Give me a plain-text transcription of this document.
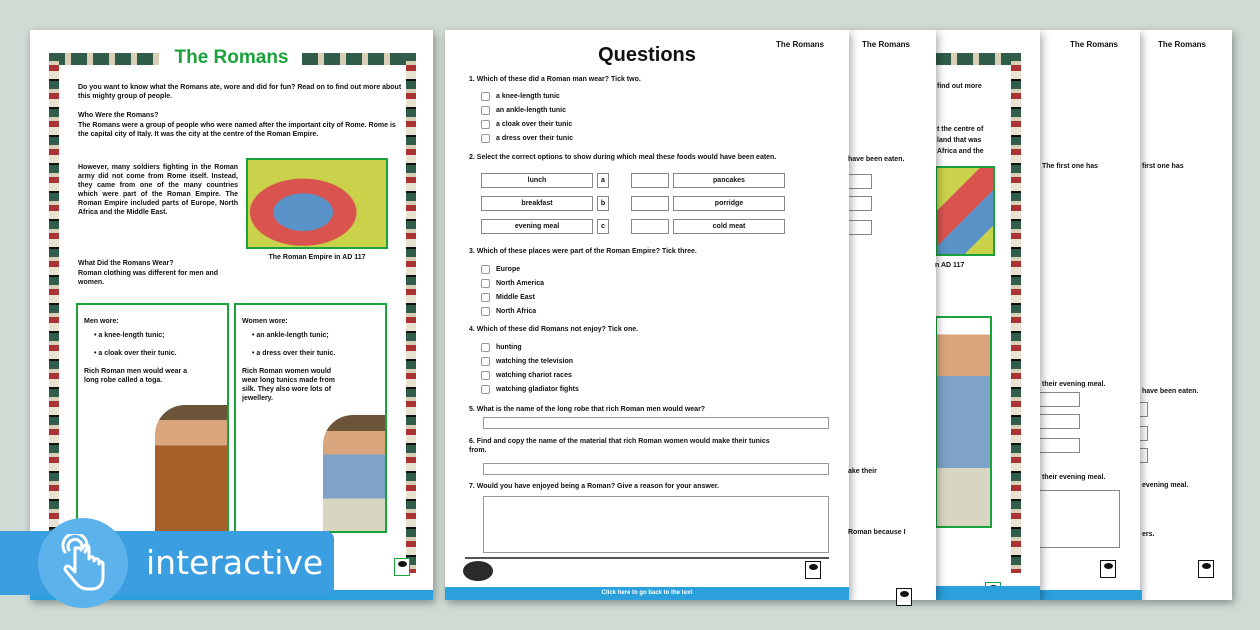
The Romans
first one has
have been eaten.
evening meal.
ers.
The Romans
The first one has
their evening meal.
their evening meal.
find out more
t the centre of
land that was
Africa and the
n AD 117
The Romans
have been eaten.
ake their
Roman because I
The Romans
Questions
1. Which of these did a Roman man wear? Tick two.
a knee-length tunic
an ankle-length tunic
a cloak over their tunic
a dress over their tunic
2. Select the correct options to show during which meal these foods would have been eaten.
lunch	a	pancakes
breakfast	b	porridge
evening meal	c	cold meat
3. Which of these places were part of the Roman Empire? Tick three.
Europe
North America
Middle East
North Africa
4. Which of these did Romans not enjoy? Tick one.
hunting
watching the television
watching chariot races
watching gladiator fights
5. What is the name of the long robe that rich Roman men would wear?
6. Find and copy the name of the material that rich Roman women would make their tunics from.
7. Would you have enjoyed being a Roman? Give a reason for your answer.
Click here to go back to the text
The Romans
Do you want to know what the Romans ate, wore and did for fun? Read on to find out more about this mighty group of people.
Who Were the Romans?
The Romans were a group of people who were named after the important city of Rome. Rome is the capital city of Italy. It was the city at the centre of the Roman Empire.
However, many soldiers fighting in the Roman army did not come from Rome itself. Instead, they came from one of the many countries which were part of the Roman Empire. The Roman Empire included parts of Europe, North Africa and the Middle East.
The Roman Empire in AD 117
What Did the Romans Wear?
Roman clothing was different for men and women.
Men wore:
• a knee-length tunic;
• a cloak over their tunic.
Rich Roman men would wear a long robe called a toga.
Women wore:
• an ankle-length tunic;
• a dress over their tunic.
Rich Roman women would wear long tunics made from silk. They also wore lots of jewellery.
interactive
